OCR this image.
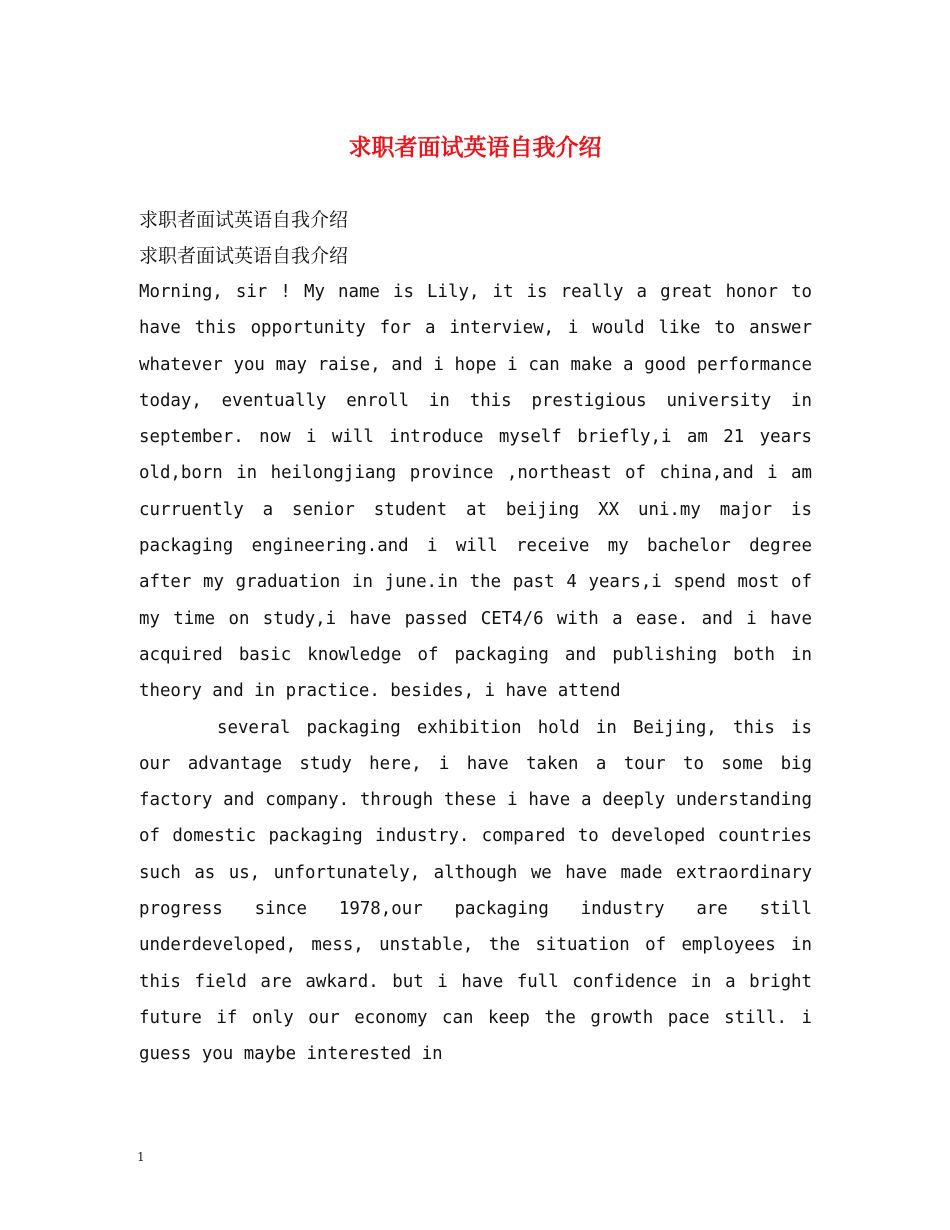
求职者面试英语自我介绍

求职者面试英语自我介绍

求职者面试英语自我介绍

Morning, sir ! My name is Lily, it is really a great honor to have this opportunity for a interview, i would like to answer whatever you may raise, and i hope i can make a good performance today, eventually enroll in this prestigious university in september. now i will introduce myself briefly,i am 21 years old,born in heilongjiang province ,northeast of china,and i am curruently a senior student at beijing XX uni.my major is packaging engineering.and i will receive my bachelor degree after my graduation in june.in the past 4 years,i spend most of my time on study,i have passed CET4/6 with a ease. and i have acquired basic knowledge of packaging and publishing both in theory and in practice. besides, i have attend

several packaging exhibition hold in Beijing, this is our advantage study here, i have taken a tour to some big factory and company. through these i have a deeply understanding of domestic packaging industry. compared to developed countries such as us, unfortunately, although we have made extraordinary progress since 1978,our packaging industry are still underdeveloped, mess, unstable, the situation of employees in this field are awkard. but i have full confidence in a bright future if only our economy can keep the growth pace still. i guess you maybe interested in

1
